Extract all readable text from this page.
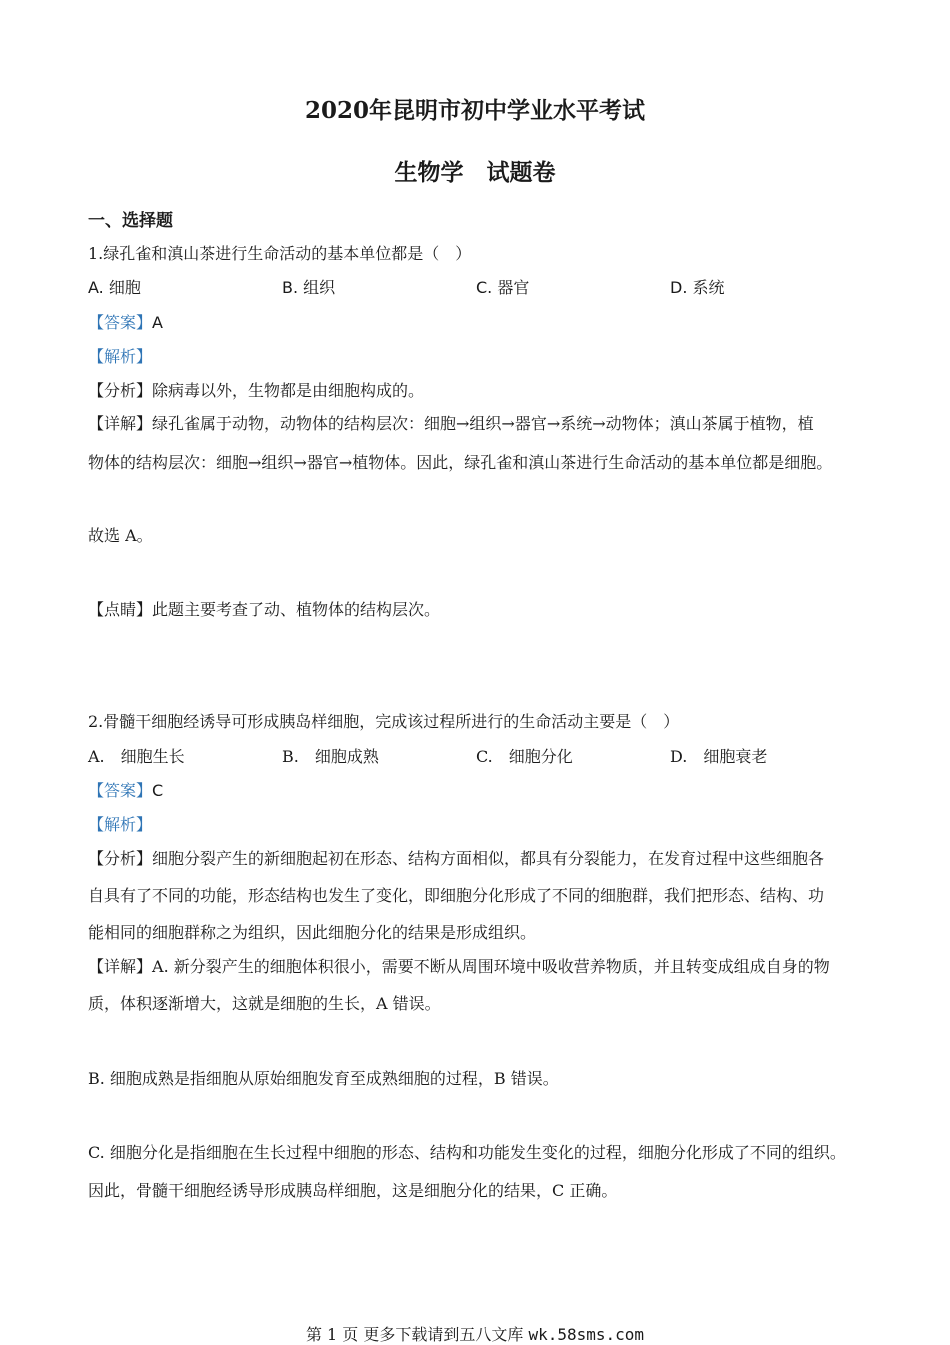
2020年昆明市初中学业水平考试
生物学　试题卷
一、选择题
1.绿孔雀和滇山茶进行生命活动的基本单位都是（　）
A. 细胞	B. 组织	C. 器官	D. 系统
【答案】A
【解析】
【分析】除病毒以外，生物都是由细胞构成的。
【详解】绿孔雀属于动物，动物体的结构层次：细胞→组织→器官→系统→动物体；滇山茶属于植物，植
物体的结构层次：细胞→组织→器官→植物体。因此，绿孔雀和滇山茶进行生命活动的基本单位都是细胞。
故选 A。
【点睛】此题主要考查了动、植物体的结构层次。
2.骨髓干细胞经诱导可形成胰岛样细胞，完成该过程所进行的生命活动主要是（　）
A.　细胞生长	B.　细胞成熟	C.　细胞分化	D.　细胞衰老
【答案】C
【解析】
【分析】细胞分裂产生的新细胞起初在形态、结构方面相似，都具有分裂能力，在发育过程中这些细胞各
自具有了不同的功能，形态结构也发生了变化，即细胞分化形成了不同的细胞群，我们把形态、结构、功
能相同的细胞群称之为组织，因此细胞分化的结果是形成组织。
【详解】A. 新分裂产生的细胞体积很小，需要不断从周围环境中吸收营养物质，并且转变成组成自身的物
质，体积逐渐增大，这就是细胞的生长，A 错误。
B. 细胞成熟是指细胞从原始细胞发育至成熟细胞的过程，B 错误。
C. 细胞分化是指细胞在生长过程中细胞的形态、结构和功能发生变化的过程，细胞分化形成了不同的组织。
因此，骨髓干细胞经诱导形成胰岛样细胞，这是细胞分化的结果，C 正确。
第 1 页 更多下载请到五八文库 wk.58sms.com
